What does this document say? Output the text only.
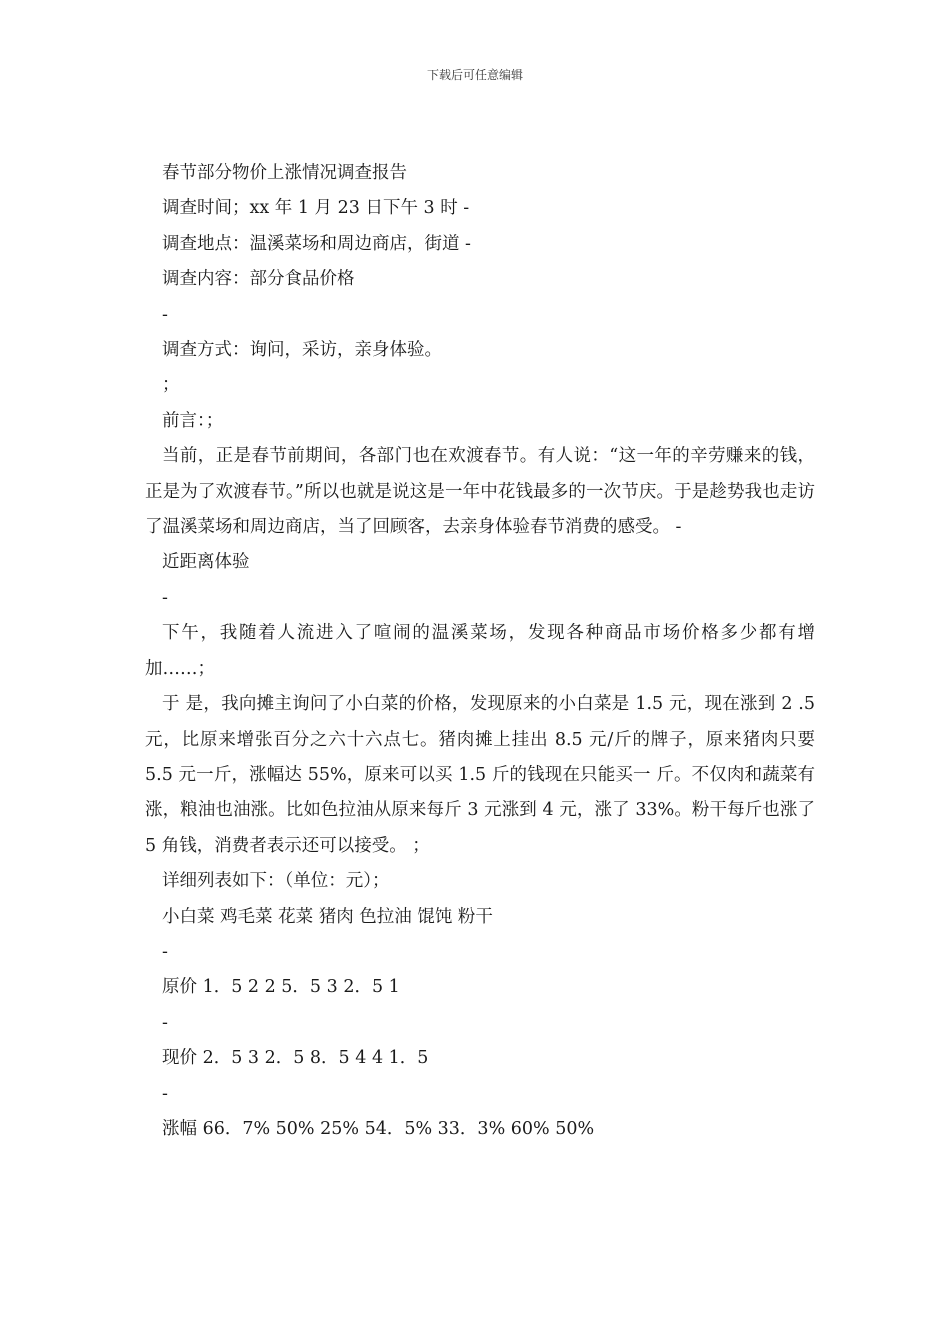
下载后可任意编辑

春节部分物价上涨情况调查报告

调查时间；xx 年 1 月 23 日下午 3 时 -

调查地点：温溪菜场和周边商店，街道 -

调查内容：部分食品价格

-

调查方式：询问，采访，亲身体验。

；

前言：；

当前，正是春节前期间，各部门也在欢渡春节。有人说：“这一年的辛劳赚来的钱，正是为了欢渡春节。”所以也就是说这是一年中花钱最多的一次节庆。于是趁势我也走访了温溪菜场和周边商店，当了回顾客，去亲身体验春节消费的感受。 -

近距离体验

-

下午，我随着人流进入了喧闹的温溪菜场，发现各种商品市场价格多少都有增加……；

于 是，我向摊主询问了小白菜的价格，发现原来的小白菜是 1.5 元，现在涨到 2 .5 元，比原来增张百分之六十六点七。猪肉摊上挂出 8.5 元/斤的牌子，原来猪肉只要 5.5 元一斤，涨幅达 55%，原来可以买 1.5 斤的钱现在只能买一 斤。不仅肉和蔬菜有涨，粮油也油涨。比如色拉油从原来每斤 3 元涨到 4 元，涨了 33%。粉干每斤也涨了 5 角钱，消费者表示还可以接受。 ；

详细列表如下：（单位：元）；

小白菜 鸡毛菜 花菜 猪肉 色拉油 馄饨 粉干

-

原价 1．5 2 2 5．5 3 2．5 1

-

现价 2．5 3 2．5 8．5 4 4 1．5

-

涨幅 66．7% 50% 25% 54．5% 33．3% 60% 50%
